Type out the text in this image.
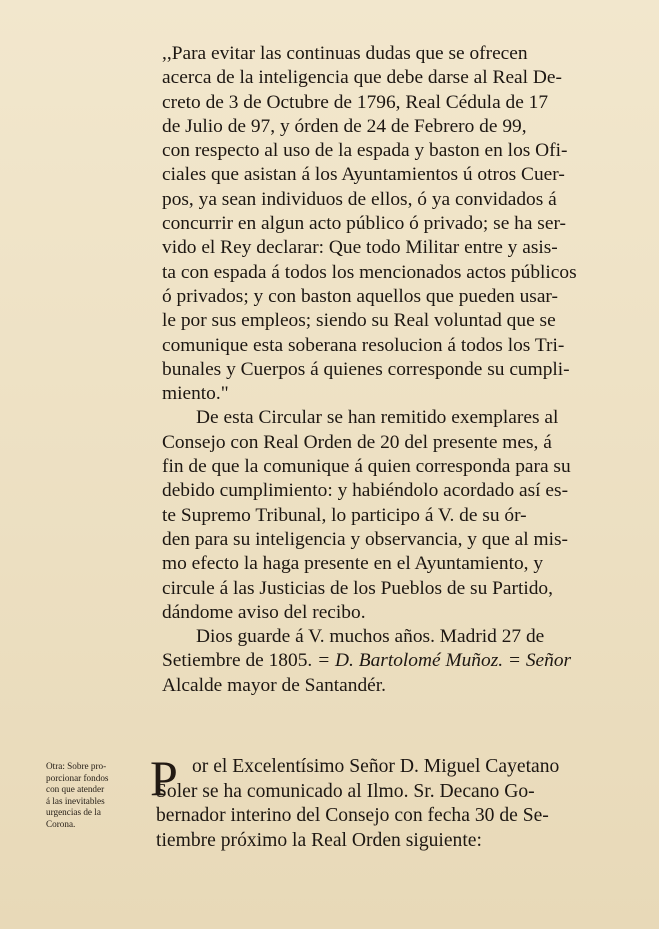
,,Para evitar las continuas dudas que se ofrecen
acerca de la inteligencia que debe darse al Real De-
creto de 3 de Octubre de 1796, Real Cédula de 17
de Julio de 97, y órden de 24 de Febrero de 99,
con respecto al uso de la espada y baston en los Ofi-
ciales que asistan á los Ayuntamientos ú otros Cuer-
pos, ya sean individuos de ellos, ó ya convidados á
concurrir en algun acto público ó privado; se ha ser-
vido el Rey declarar: Que todo Militar entre y asis-
ta con espada á todos los mencionados actos públicos
ó privados; y con baston aquellos que pueden usar-
le por sus empleos; siendo su Real voluntad que se
comunique esta soberana resolucion á todos los Tri-
bunales y Cuerpos á quienes corresponde su cumpli-
miento."
De esta Circular se han remitido exemplares al
Consejo con Real Orden de 20 del presente mes, á
fin de que la comunique á quien corresponda para su
debido cumplimiento: y habiéndolo acordado así es-
te Supremo Tribunal, lo participo á V. de su ór-
den para su inteligencia y observancia, y que al mis-
mo efecto la haga presente en el Ayuntamiento, y
circule á las Justicias de los Pueblos de su Partido,
dándome aviso del recibo.
Dios guarde á V. muchos años. Madrid 27 de
Setiembre de 1805. = D. Bartolomé Muñoz. = Señor
Alcalde mayor de Santandér.
Otra: Sobre pro-
porcionar fondos
con que atender
á las inevitables
urgencias de la
Corona.
P or el Excelentísimo Señor D. Miguel Cayetano
Soler se ha comunicado al Ilmo. Sr. Decano Go-
bernador interino del Consejo con fecha 30 de Se-
tiembre próximo la Real Orden siguiente:
